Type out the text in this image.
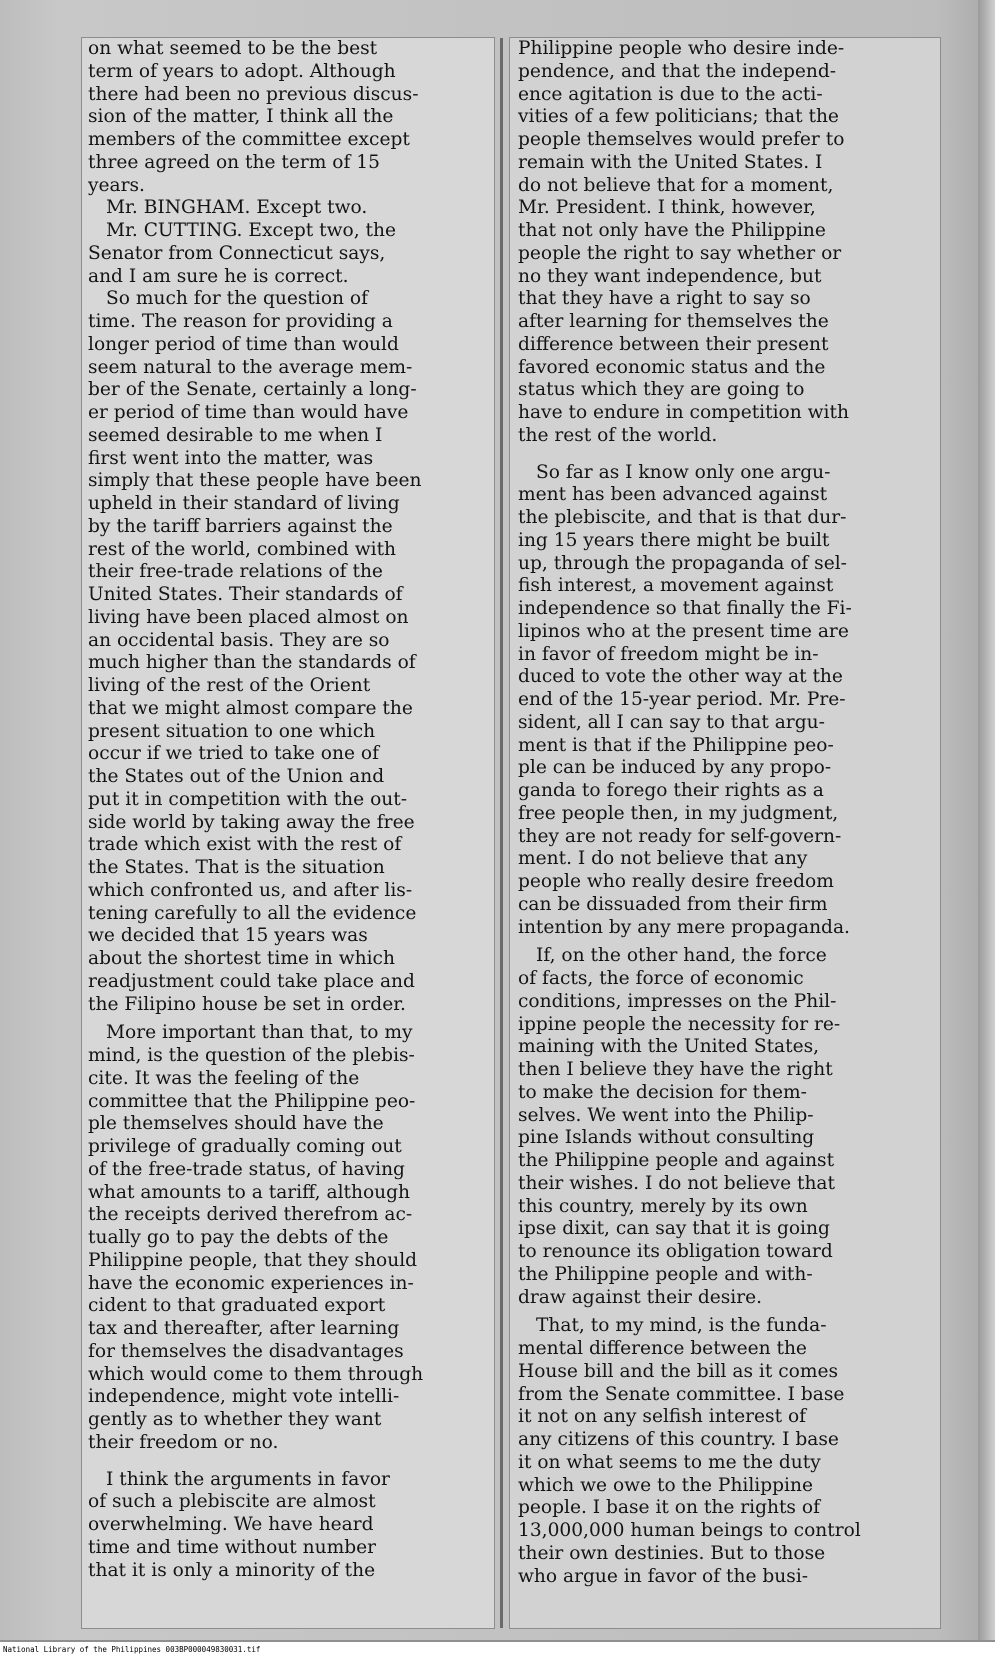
on what seemed to be the best
term of years to adopt. Although
there had been no previous discus-
sion of the matter, I think all the
members of the committee except
three agreed on the term of 15
years.

Mr. BINGHAM. Except two.

Mr. CUTTING. Except two, the
Senator from Connecticut says,
and I am sure he is correct.

So much for the question of
time. The reason for providing a
longer period of time than would
seem natural to the average mem-
ber of the Senate, certainly a long-
er period of time than would have
seemed desirable to me when I
first went into the matter, was
simply that these people have been
upheld in their standard of living
by the tariff barriers against the
rest of the world, combined with
their free-trade relations of the
United States. Their standards of
living have been placed almost on
an occidental basis. They are so
much higher than the standards of
living of the rest of the Orient
that we might almost compare the
present situation to one which
occur if we tried to take one of
the States out of the Union and
put it in competition with the out-
side world by taking away the free
trade which exist with the rest of
the States. That is the situation
which confronted us, and after lis-
tening carefully to all the evidence
we decided that 15 years was
about the shortest time in which
readjustment could take place and
the Filipino house be set in order.

More important than that, to my
mind, is the question of the plebis-
cite. It was the feeling of the
committee that the Philippine peo-
ple themselves should have the
privilege of gradually coming out
of the free-trade status, of having
what amounts to a tariff, although
the receipts derived therefrom ac-
tually go to pay the debts of the
Philippine people, that they should
have the economic experiences in-
cident to that graduated export
tax and thereafter, after learning
for themselves the disadvantages
which would come to them through
independence, might vote intelli-
gently as to whether they want
their freedom or no.

I think the arguments in favor
of such a plebiscite are almost
overwhelming. We have heard
time and time without number
that it is only a minority of the

Philippine people who desire inde-
pendence, and that the independ-
ence agitation is due to the acti-
vities of a few politicians; that the
people themselves would prefer to
remain with the United States. I
do not believe that for a moment,
Mr. President. I think, however,
that not only have the Philippine
people the right to say whether or
no they want independence, but
that they have a right to say so
after learning for themselves the
difference between their present
favored economic status and the
status which they are going to
have to endure in competition with
the rest of the world.

So far as I know only one argu-
ment has been advanced against
the plebiscite, and that is that dur-
ing 15 years there might be built
up, through the propaganda of sel-
fish interest, a movement against
independence so that finally the Fi-
lipinos who at the present time are
in favor of freedom might be in-
duced to vote the other way at the
end of the 15-year period. Mr. Pre-
sident, all I can say to that argu-
ment is that if the Philippine peo-
ple can be induced by any propo-
ganda to forego their rights as a
free people then, in my judgment,
they are not ready for self-govern-
ment. I do not believe that any
people who really desire freedom
can be dissuaded from their firm
intention by any mere propaganda.

If, on the other hand, the force
of facts, the force of economic
conditions, impresses on the Phil-
ippine people the necessity for re-
maining with the United States,
then I believe they have the right
to make the decision for them-
selves. We went into the Philip-
pine Islands without consulting
the Philippine people and against
their wishes. I do not believe that
this country, merely by its own
ipse dixit, can say that it is going
to renounce its obligation toward
the Philippine people and with-
draw against their desire.

That, to my mind, is the funda-
mental difference between the
House bill and the bill as it comes
from the Senate committee. I base
it not on any selfish interest of
any citizens of this country. I base
it on what seems to me the duty
which we owe to the Philippine
people. I base it on the rights of
13,000,000 human beings to control
their own destinies. But to those
who argue in favor of the busi-

National Library of the Philippines 003BP000049830031.tif
